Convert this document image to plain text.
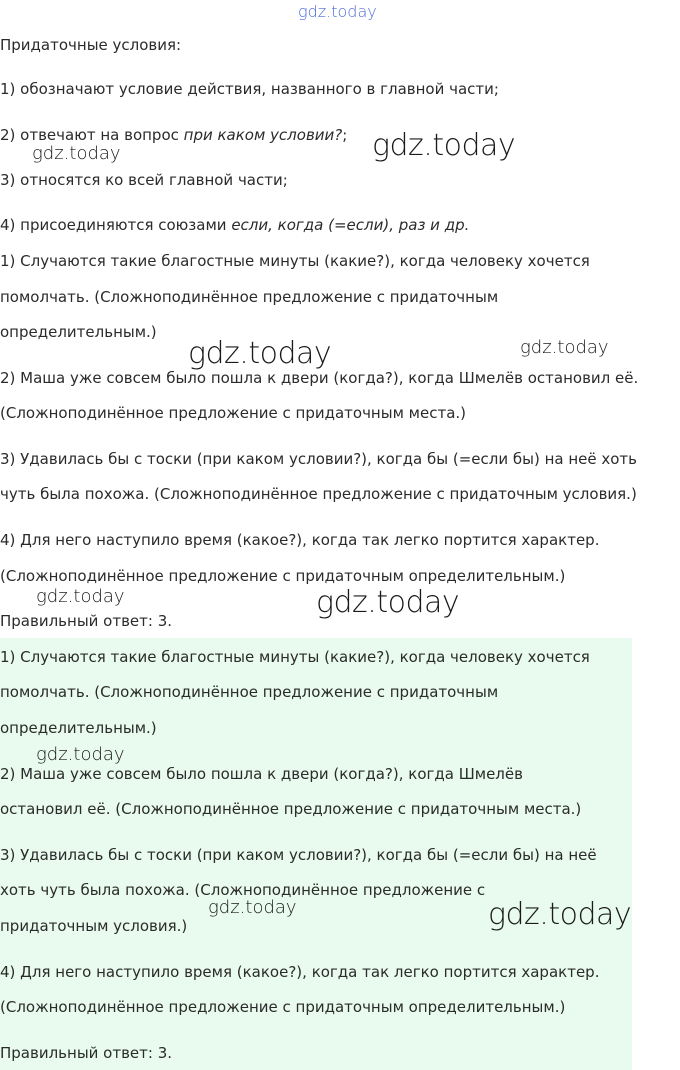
Придаточные условия:

1) обозначают условие действия, названного в главной части;

2) отвечают на вопрос при каком условии?;

3) относятся ко всей главной части;

4) присоединяются союзами если, когда (=если), раз и др.

1) Случаются такие благостные минуты (какие?), когда человеку хочется

помолчать. (Сложноподинённое предложение с придаточным

определительным.)

2) Маша уже совсем было пошла к двери (когда?), когда Шмелёв остановил её.

(Сложноподинённое предложение с придаточным места.)

3) Удавилась бы с тоски (при каком условии?), когда бы (=если бы) на неё хоть

чуть была похожа. (Сложноподинённое предложение с придаточным условия.)

4) Для него наступило время (какое?), когда так легко портится характер.

(Сложноподинённое предложение с придаточным определительным.)

Правильный ответ: 3.

1) Случаются такие благостные минуты (какие?), когда человеку хочется

помолчать. (Сложноподинённое предложение с придаточным

определительным.)

2) Маша уже совсем было пошла к двери (когда?), когда Шмелёв

остановил её. (Сложноподинённое предложение с придаточным места.)

3) Удавилась бы с тоски (при каком условии?), когда бы (=если бы) на неё

хоть чуть была похожа. (Сложноподинённое предложение с

придаточным условия.)

4) Для него наступило время (какое?), когда так легко портится характер.

(Сложноподинённое предложение с придаточным определительным.)

Правильный ответ: 3.

gdz.today
gdz.today	gdz.today
gdz.today	gdz.today
gdz.today	gdz.today
gdz.today
gdz.today	gdz.today
